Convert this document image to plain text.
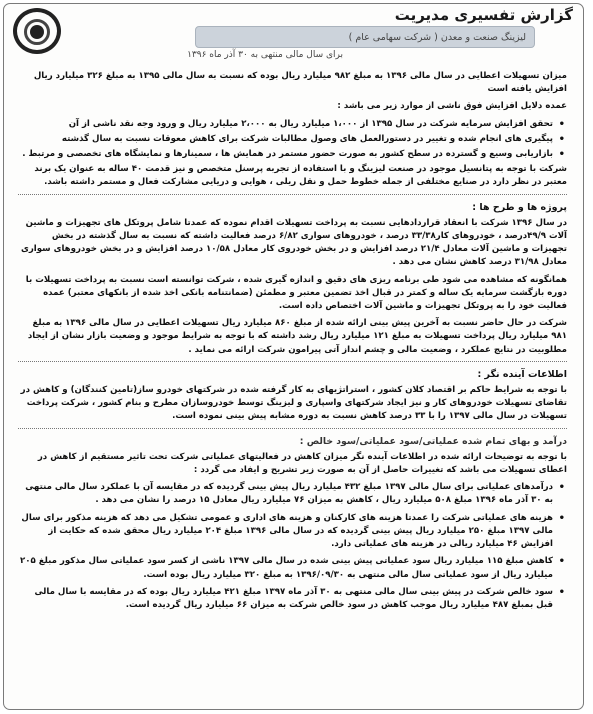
گزارش تفسیری مدیریت
لیزینگ صنعت و معدن ( شرکت سهامی عام )
برای سال مالی منتهی به ۳۰ آذر ماه ۱۳۹۶

میزان تسهیلات اعطایی در سال مالی ۱۳۹۶ به مبلغ ۹۸۲ میلیارد ریال بوده که نسبت به سال مالی ۱۳۹۵ به مبلغ ۳۲۶ میلیارد ریال افزایش یافته است

عمده دلایل افزایش فوق ناشی از موارد زیر می باشد :

• تحقق افزایش سرمایه شرکت در سال ۱۳۹۵ از ۱،۰۰۰ میلیارد ریال به ۲،۰۰۰ میلیارد ریال و ورود وجه نقد ناشی از آن
• پیگیری های انجام شده و تغییر در دستورالعمل های وصول مطالبات شرکت برای کاهش معوقات نسبت به سال گذشته
• بازاریابی وسیع و گسترده در سطح کشور به صورت حضور مستمر در همایش ها ، سمینارها و نمایشگاه های تخصصی و مرتبط .

شرکت با توجه به پتانسیل موجود در صنعت لیزینگ و با استفاده از تجربه پرسنل متخصص و نیز قدمت ۴۰ ساله به عنوان یک برند معتبر در نظر دارد در صنایع مختلفی از جمله خطوط حمل و نقل ریلی ، هوایی و دریایی مشارکت فعال و مستمر داشته باشد.

پروژه ها و طرح ها :

در سال ۱۳۹۶ شرکت با انعقاد قراردادهایی نسبت به پرداخت تسهیلات اقدام نموده که عمدتا شامل پروتکل های تجهیزات و ماشین آلات ۴۹/۹درصد ، خودروهای کار۳۳/۳۸ درصد ، خودروهای سواری ۶/۸۲ درصد فعالیت داشته که نسبت به سال گذشته در بخش تجهیزات و ماشین آلات معادل ۲۱/۴ درصد افزایش و در بخش خودروی کار معادل ۱۰/۵۸ درصد افزایش و در بخش خودروهای سواری معادل ۳۱/۹۸ درصد کاهش نشان می دهد .

همانگونه که مشاهده می شود طی برنامه ریزی های دقیق و اندازه گیری شده ، شرکت توانسته است نسبت به پرداخت تسهیلات با دوره بازگشت سرمایه یک ساله و کمتر در قبال اخذ تضمین معتبر و مطمئن (ضمانتنامه بانکی اخذ شده از بانکهای معتبر) عمده فعالیت خود را به پروتکل تجهیزات و ماشین آلات اختصاص داده است.

شرکت در حال حاضر نسبت به آخرین پیش بینی ارائه شده از مبلغ ۸۶۰ میلیارد ریال تسهیلات اعطایی در سال مالی ۱۳۹۶ به مبلغ ۹۸۱ میلیارد ریال پرداخت تسهیلات به مبلغ ۱۲۱ میلیارد ریال رشد داشته که با توجه به شرایط موجود و وضعیت بازار نشان از ایجاد مطلوبیت در نتایج عملکرد ، وضعیت مالی و چشم انداز آتی پیرامون شرکت ارائه می نماید .

اطلاعات آینده نگر :

با توجه به شرایط حاکم بر اقتصاد کلان کشور ، استراتژیهای به کار گرفته شده در شرکتهای خودرو ساز(تامین کنندگان) و کاهش در تقاضای تسهیلات خودروهای کار و نیز ایجاد شرکتهای واسپاری و لیزینگ توسط خودروسازان مطرح و بنام کشور ، شرکت پرداخت تسهیلات در سال مالی ۱۳۹۷ را با ۳۳ درصد کاهش نسبت به دوره مشابه پیش بینی نموده است.

درآمد و بهای تمام شده عملیاتی/سود عملیاتی/سود خالص :

با توجه به توضیحات ارائه شده در اطلاعات آینده نگر میزان کاهش در فعالیتهای عملیاتی شرکت تحت تاثیر مستقیم از کاهش در اعطای تسهیلات می باشد که تغییرات حاصل از آن به صورت زیر تشریح و ایفاد می گردد :

• درآمدهای عملیاتی برای سال مالی ۱۳۹۷ مبلغ ۴۳۲ میلیارد ریال پیش بینی گردیده که در مقایسه آن با عملکرد سال مالی منتهی به ۳۰ آذر ماه ۱۳۹۶ مبلغ ۵۰۸ میلیارد ریال ، کاهش به میزان ۷۶ میلیارد ریال معادل ۱۵ درصد را نشان می دهد .
• هزینه های عملیاتی شرکت را عمدتا هزینه های کارکنان و هزینه های اداری و عمومی تشکیل می دهد که هزینه مذکور برای سال مالی ۱۳۹۷ مبلغ ۲۵۰ میلیارد ریال پیش بینی گردیده که در سال مالی ۱۳۹۶ مبلغ ۲۰۴ میلیارد ریال محقق شده که حکایت از افزایش ۴۶ میلیارد ریالی در هزینه های عملیاتی دارد.
• کاهش مبلغ ۱۱۵ میلیارد ریال سود عملیاتی پیش بینی شده در سال مالی ۱۳۹۷ ناشی از کسر سود عملیاتی سال مذکور مبلغ ۲۰۵ میلیارد ریال از سود عملیاتی سال مالی منتهی به ۱۳۹۶/۰۹/۳۰ به مبلغ ۳۲۰ میلیارد ریال بوده است.
• سود خالص شرکت در پیش بینی سال مالی منتهی به ۳۰ آذر ماه ۱۳۹۷ مبلغ ۴۲۱ میلیارد ریال بوده که در مقایسه با سال مالی قبل بمبلغ ۴۸۷ میلیارد ریال موجب کاهش در سود خالص شرکت به میزان ۶۶ میلیارد ریال گردیده است.
